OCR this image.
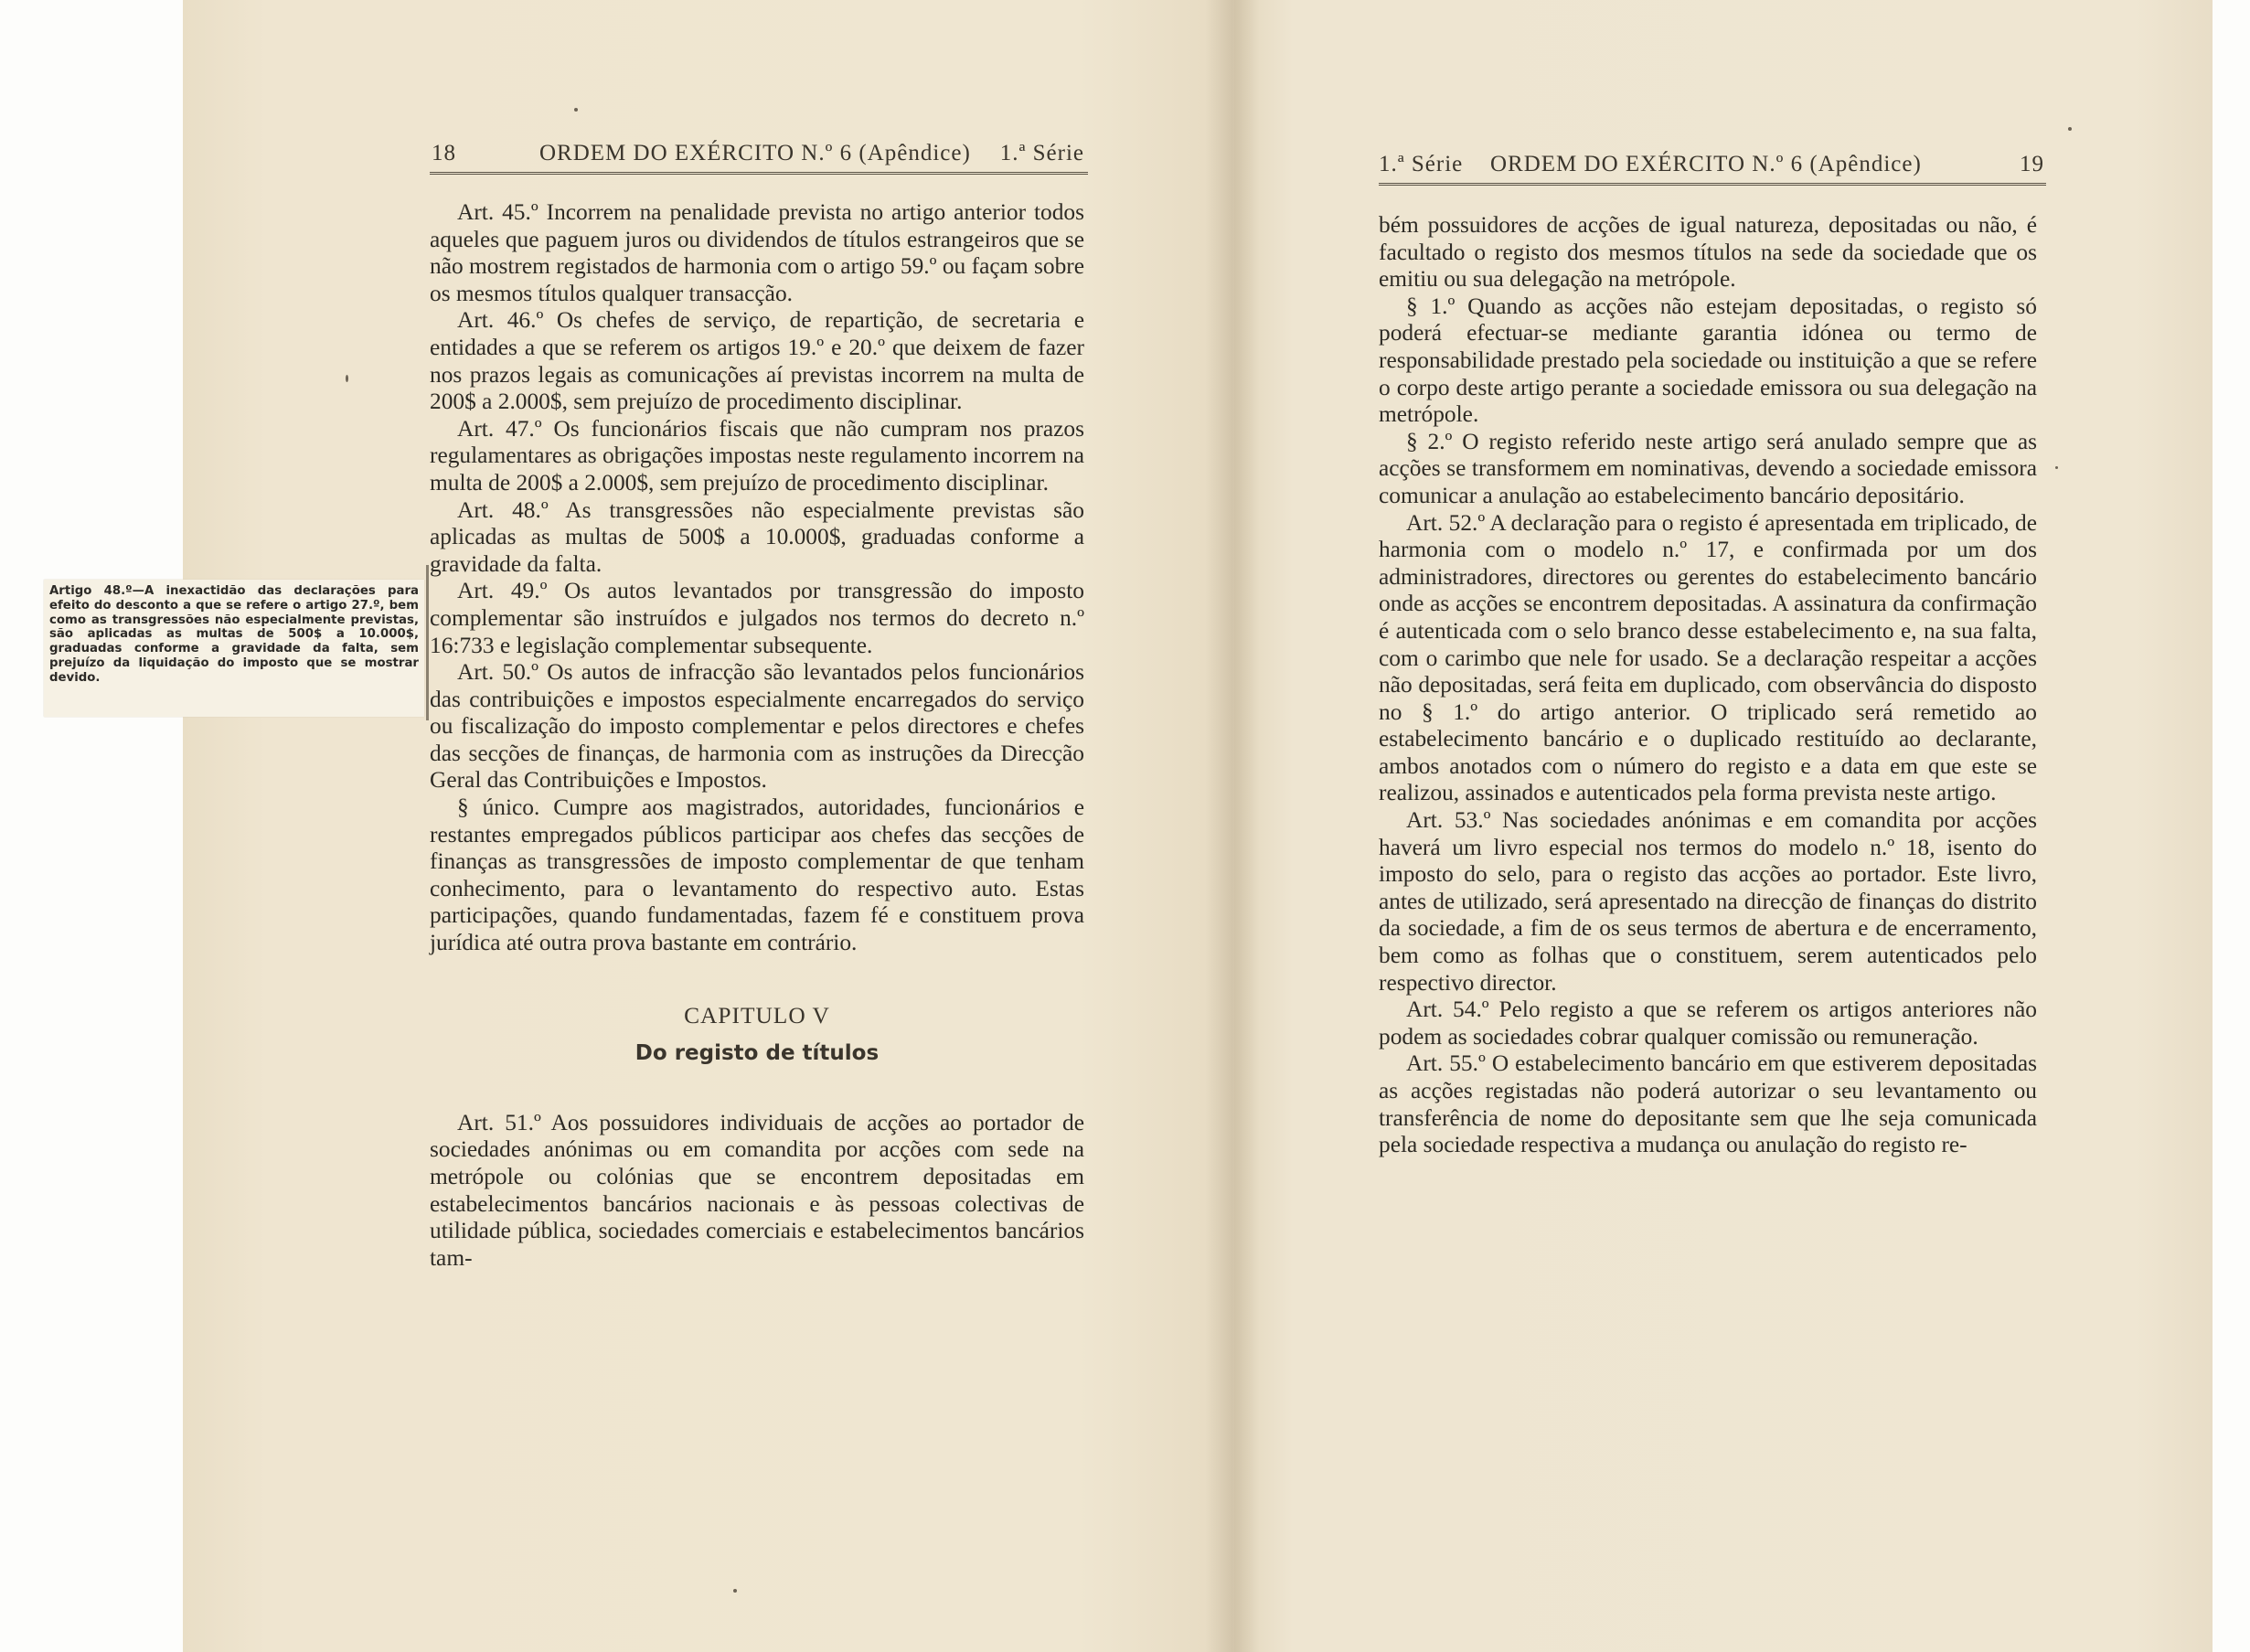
18	ORDEM DO EXÉRCITO N.º 6 (Apêndice) 1.ª Série	1.ª Série ORDEM DO EXÉRCITO N.º 6 (Apêndice)	19
Artigo 48.º—A inexactidão das declarações para efeito do desconto a que se refere o artigo 27.º, bem como as transgressões não especialmente previstas, são aplicadas as multas de 500$ a 10.000$, graduadas conforme a gravidade da falta, sem prejuízo da liquidação do imposto que se mostrar devido.

Art. 45.º Incorrem na penalidade prevista no artigo anterior todos aqueles que paguem juros ou dividendos de títulos estrangeiros que se não mostrem registados de harmonia com o artigo 59.º ou façam sobre os mesmos títulos qualquer transacção.

Art. 46.º Os chefes de serviço, de repartição, de secretaria e entidades a que se referem os artigos 19.º e 20.º que deixem de fazer nos prazos legais as comunicações aí previstas incorrem na multa de 200$ a 2.000$, sem prejuízo de procedimento disciplinar.

Art. 47.º Os funcionários fiscais que não cumpram nos prazos regulamentares as obrigações impostas neste regulamento incorrem na multa de 200$ a 2.000$, sem prejuízo de procedimento disciplinar.

Art. 48.º As transgressões não especialmente previstas são aplicadas as multas de 500$ a 10.000$, graduadas conforme a gravidade da falta.

Art. 49.º Os autos levantados por transgressão do imposto complementar são instruídos e julgados nos termos do decreto n.º 16:733 e legislação complementar subsequente.

Art. 50.º Os autos de infracção são levantados pelos funcionários das contribuições e impostos especialmente encarregados do serviço ou fiscalização do imposto complementar e pelos directores e chefes das secções de finanças, de harmonia com as instruções da Direcção Geral das Contribuições e Impostos.

§ único. Cumpre aos magistrados, autoridades, funcionários e restantes empregados públicos participar aos chefes das secções de finanças as transgressões de imposto complementar de que tenham conhecimento, para o levantamento do respectivo auto. Estas participações, quando fundamentadas, fazem fé e constituem prova jurídica até outra prova bastante em contrário.

CAPITULO V

Do registo de títulos

Art. 51.º Aos possuidores individuais de acções ao portador de sociedades anónimas ou em comandita por acções com sede na metrópole ou colónias que se encontrem depositadas em estabelecimentos bancários nacionais e às pessoas colectivas de utilidade pública, sociedades comerciais e estabelecimentos bancários tam-

bém possuidores de acções de igual natureza, depositadas ou não, é facultado o registo dos mesmos títulos na sede da sociedade que os emitiu ou sua delegação na metrópole.

§ 1.º Quando as acções não estejam depositadas, o registo só poderá efectuar-se mediante garantia idónea ou termo de responsabilidade prestado pela sociedade ou instituição a que se refere o corpo deste artigo perante a sociedade emissora ou sua delegação na metrópole.

§ 2.º O registo referido neste artigo será anulado sempre que as acções se transformem em nominativas, devendo a sociedade emissora comunicar a anulação ao estabelecimento bancário depositário.

Art. 52.º A declaração para o registo é apresentada em triplicado, de harmonia com o modelo n.º 17, e confirmada por um dos administradores, directores ou gerentes do estabelecimento bancário onde as acções se encontrem depositadas. A assinatura da confirmação é autenticada com o selo branco desse estabelecimento e, na sua falta, com o carimbo que nele for usado. Se a declaração respeitar a acções não depositadas, será feita em duplicado, com observância do disposto no § 1.º do artigo anterior. O triplicado será remetido ao estabelecimento bancário e o duplicado restituído ao declarante, ambos anotados com o número do registo e a data em que este se realizou, assinados e autenticados pela forma prevista neste artigo.

Art. 53.º Nas sociedades anónimas e em comandita por acções haverá um livro especial nos termos do modelo n.º 18, isento do imposto do selo, para o registo das acções ao portador. Este livro, antes de utilizado, será apresentado na direcção de finanças do distrito da sociedade, a fim de os seus termos de abertura e de encerramento, bem como as folhas que o constituem, serem autenticados pelo respectivo director.

Art. 54.º Pelo registo a que se referem os artigos anteriores não podem as sociedades cobrar qualquer comissão ou remuneração.

Art. 55.º O estabelecimento bancário em que estiverem depositadas as acções registadas não poderá autorizar o seu levantamento ou transferência de nome do depositante sem que lhe seja comunicada pela sociedade respectiva a mudança ou anulação do registo re-
